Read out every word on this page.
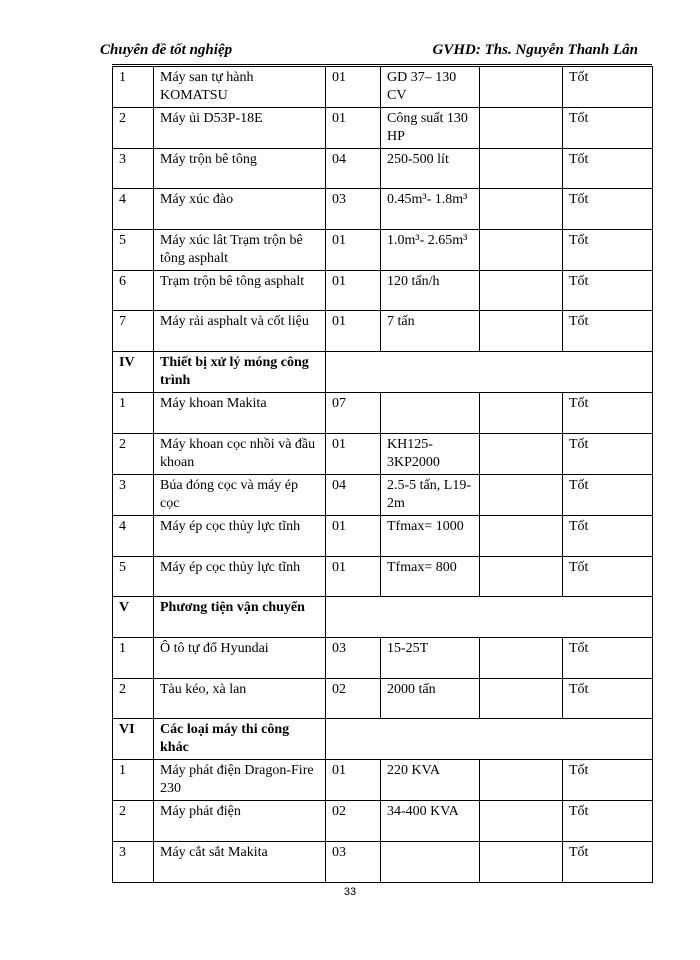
Chuyên đề tốt nghiệp	GVHD: Ths. Nguyễn Thanh Lân
1	Máy san tự hành KOMATSU	01	GD 37– 130 CV		Tốt
2	Máy ủi D53P-18E	01	Công suất 130 HP		Tốt
3	Máy trộn bê tông	04	250-500 lít		Tốt
4	Máy xúc đào	03	0.45m³- 1.8m³		Tốt
5	Máy xúc lât Trạm trộn bê tông asphalt	01	1.0m³- 2.65m³		Tốt
6	Trạm trộn bê tông asphalt	01	120 tấn/h		Tốt
7	Máy rải asphalt và cốt liệu	01	7 tấn		Tốt
IV	Thiết bị xử lý móng công trình				
1	Máy khoan Makita	07			Tốt
2	Máy khoan cọc nhồi và đầu khoan	01	KH125-3KP2000		Tốt
3	Búa đóng cọc và máy ép cọc	04	2.5-5 tấn, L19-2m		Tốt
4	Máy ép cọc thủy lực tĩnh	01	Tfmax= 1000		Tốt
5	Máy ép cọc thủy lực tĩnh	01	Tfmax= 800		Tốt
V	Phương tiện vận chuyển				
1	Ô tô tự đổ Hyundai	03	15-25T		Tốt
2	Tàu kéo, xà lan	02	2000 tấn		Tốt
VI	Các loại máy thi công khác				
1	Máy phát điện Dragon-Fire 230	01	220 KVA		Tốt
2	Máy phát điện	02	34-400 KVA		Tốt
3	Máy cắt sắt Makita	03			Tốt
33
